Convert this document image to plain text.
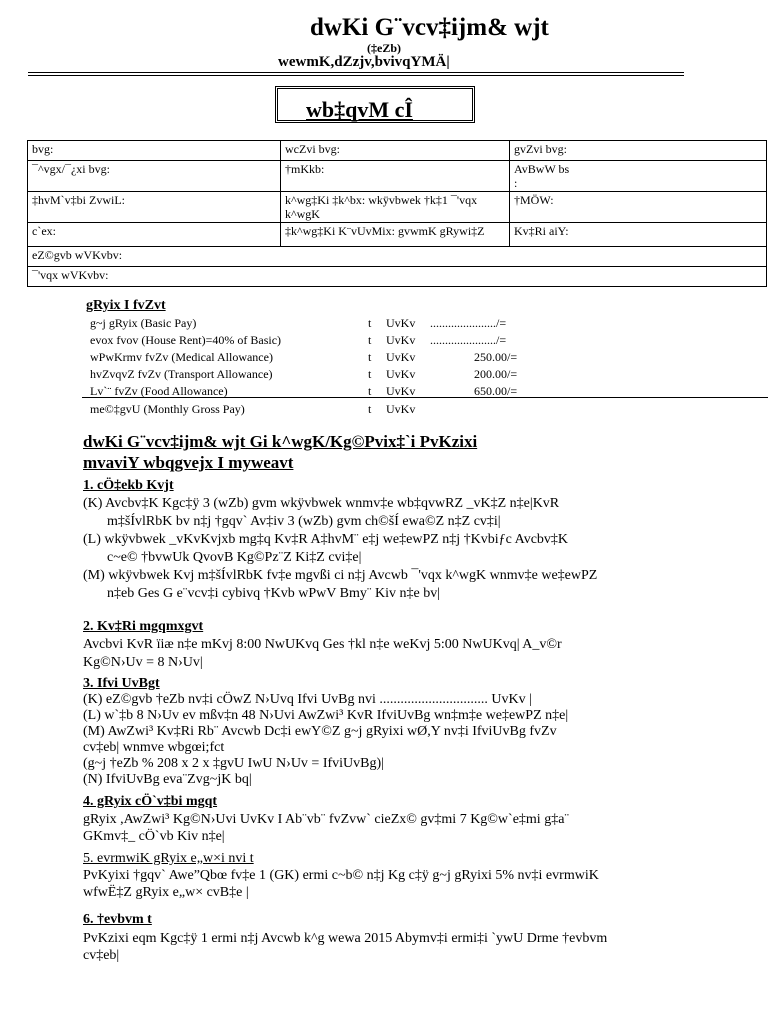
dwKi G¨vcv‡ijm& wjt
(‡eZb)
wewmK,dZzjv,bvivqYMÄ|
wb‡qvM cÎ
bvg:	wcZvi bvg:	gvZvi bvg:
¯^vgx/¯¿xi bvg:	†mKkb:	AvBwW bs
:

‡hvM`v‡bi ZvwiL:	k^wg‡Ki ‡k^bx: wkÿvbwek †k‡1 ¯'vqx k^wgK	†MÖW:
c`ex:	‡k^wg‡Ki K¨vUvMix: gvwmK gRywi‡Z	Kv‡Ri aiY:
eZ©gvb wVKvbv:		
¯'vqx wVKvbv:		
gRyix I fvZvt
g~j gRyix (Basic Pay)	t UvKv ....................../=
evox fvov (House Rent)=40% of Basic)	t UvKv ....................../=
wPwKrmv fvZv (Medical Allowance)	t UvKv	250.00/=
hvZvqvZ fvZv (Transport Allowance)	t UvKv	200.00/=
Lv`¨ fvZv (Food Allowance)	t UvKv	650.00/=
me©‡gvU (Monthly Gross Pay)	t UvKv
dwKi G¨vcv‡ijm& wjt Gi k^wgK/Kg©Pvix‡`i PvKzixi
mvaviY wbqgvejx I myweavt
1. cÖ‡ekb Kvjt
(K) Avcbv‡K Kgc‡ÿ 3 (wZb) gvm wkÿvbwek wnmv‡e wb‡qvwRZ _vK‡Z n‡e|KvR
m‡šÍvlRbK bv n‡j †gqv` Av‡iv 3 (wZb) gvm ch©šÍ ewa©Z n‡Z cv‡i|
(L) wkÿvbwek _vKvKvjxb mg‡q Kv‡R A‡hvM¨ e‡j we‡ewPZ n‡j †Kvbiƒc Avcbv‡K
c~e© †bvwUk QvovB Kg©Pz¨Z Ki‡Z cvi‡e|
(M) wkÿvbwek Kvj m‡šÍvlRbK fv‡e mgvßi ci n‡j Avcwb ¯'vqx k^wgK wnmv‡e we‡ewPZ
n‡eb Ges G e¨vcv‡i cybivq †Kvb wPwV Bmy¨ Kiv n‡e bv|
2. Kv‡Ri mgqmxgvt
Avcbvi KvR ïiæ n‡e mKvj 8:00 NwUKvq Ges †kl n‡e weKvj 5:00 NwUKvq| A_v©r
Kg©N›Uv = 8 N›Uv|
3. Ifvi UvBgt
(K) eZ©gvb †eZb nv‡i cÖwZ N›Uvq Ifvi UvBg nvi ............................... UvKv |
(L) w`‡b 8 N›Uv ev mßv‡n 48 N›Uvi AwZwi³ KvR IfviUvBg wn‡m‡e we‡ewPZ n‡e|
(M) AwZwi³ Kv‡Ri Rb¨ Avcwb Dc‡i ewY©Z g~j gRyixi wØ,Y nv‡i IfviUvBg fvZv
cv‡eb| wnmve wbgœi;fct
(g~j †eZb % 208 x 2 x ‡gvU IwU N›Uv = IfviUvBg)|
(N) IfviUvBg eva¨Zvg~jK bq|
4. gRyix cÖ`v‡bi mgqt
gRyix ,AwZwi³ Kg©N›Uvi UvKv I Ab¨vb¨ fvZvw` cieZx© gv‡mi 7 Kg©w`e‡mi g‡a¨
GKmv‡_ cÖ`vb Kiv n‡e|
5. evrmwiK gRyix e„w×i nvi t
PvKyixi †gqv` Awe”Qbœ fv‡e 1 (GK) ermi c~b© n‡j Kg c‡ÿ g~j gRyixi 5% nv‡i evrmwiK
wfwË‡Z gRyix e„w× cvB‡e |
6. †evbvm t
PvKzixi eqm Kgc‡ÿ 1 ermi n‡j Avcwb k^g wewa 2015 Abymv‡i ermi‡i `ywU Drme †evbvm
cv‡eb|
